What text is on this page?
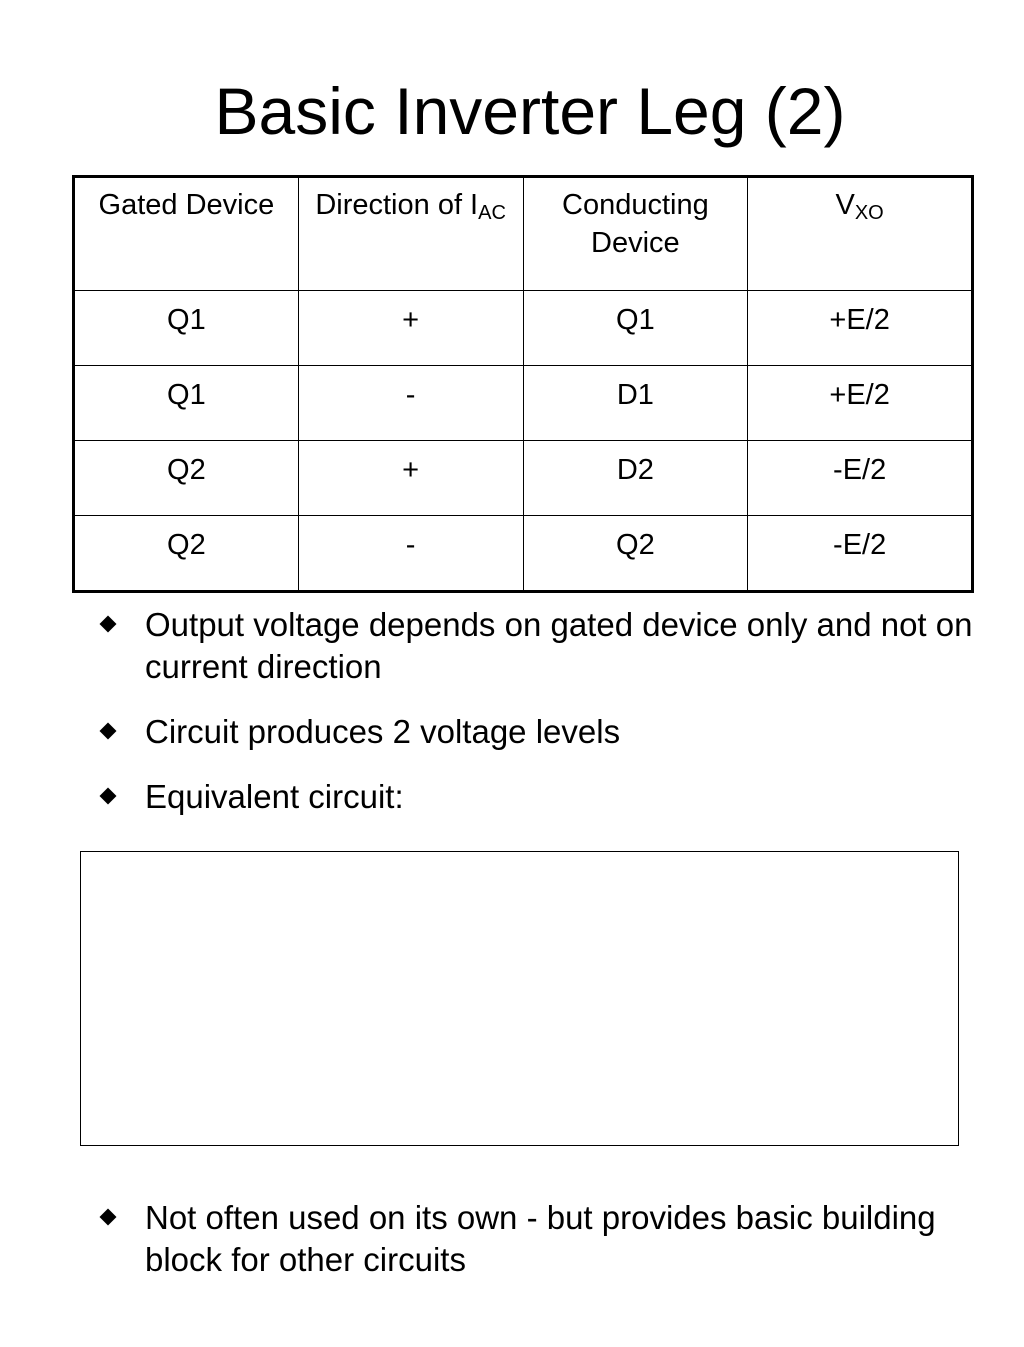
Basic Inverter Leg (2)
Gated Device	Direction of $I_{AC}$	Conducting Device	$V_{XO}$
Q1	+	Q1	+E/2
Q1	-	D1	+E/2
Q2	+	D2	-E/2
Q2	-	Q2	-E/2
Output voltage depends on gated device only and not on current direction
Circuit produces 2 voltage levels
Equivalent circuit:
Not often used on its own - but provides basic building block for other circuits
